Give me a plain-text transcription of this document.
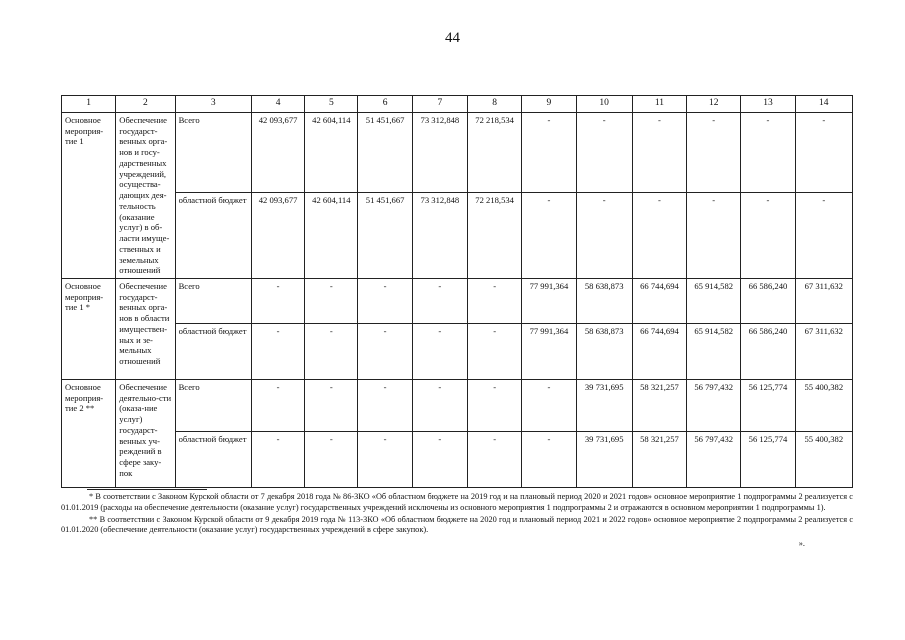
44
1	2	3	4	5	6	7	8	9	10	11	12	13	14
Основное мероприя-тие 1	Обеспечение государст-венных орга-нов и госу-дарственных учреждений, осущества-дающих дея-тельность (оказание услуг) в об-ласти имуще-ственных и земельных отношений	Всего	42 093,677	42 604,114	51 451,667	73 312,848	72 218,534	-	-	-	-	-	-
		областной бюджет	42 093,677	42 604,114	51 451,667	73 312,848	72 218,534	-	-	-	-	-	-
Основное мероприя-тие 1 *	Обеспечение государст-венных орга-нов в области имуществен-ных и зе-мельных отношений	Всего	-	-	-	-	-	77 991,364	58 638,873	66 744,694	65 914,582	66 586,240	67 311,632
		областной бюджет	-	-	-	-	-	77 991,364	58 638,873	66 744,694	65 914,582	66 586,240	67 311,632
Основное мероприя-тие 2 **	Обеспечение деятельно-сти (оказа-ние услуг) государст-венных уч-реждений в сфере заку-пок	Всего	-	-	-	-	-	-	39 731,695	58 321,257	56 797,432	56 125,774	55 400,382
		областной бюджет	-	-	-	-	-	-	39 731,695	58 321,257	56 797,432	56 125,774	55 400,382

* В соответствии с Законом Курской области от 7 декабря 2018 года № 86-ЗКО «Об областном бюджете на 2019 год и на плановый период 2020 и 2021 годов» основное мероприятие 1 подпрограммы 2 реализуется с 01.01.2019 (расходы на обеспечение деятельности (оказание услуг) государственных учреждений исключены из основного мероприятия 1 подпрограммы 2 и отражаются в основном мероприятии 1 подпрограммы 1).

** В соответствии с Законом Курской области от 9 декабря 2019 года № 113-ЗКО «Об областном бюджете на 2020 год и плановый период 2021 и 2022 годов» основное мероприятие 2 подпрограммы 2 реализуется с 01.01.2020 (обеспечение деятельности (оказание услуг) государственных учреждений в сфере закупок).

».
